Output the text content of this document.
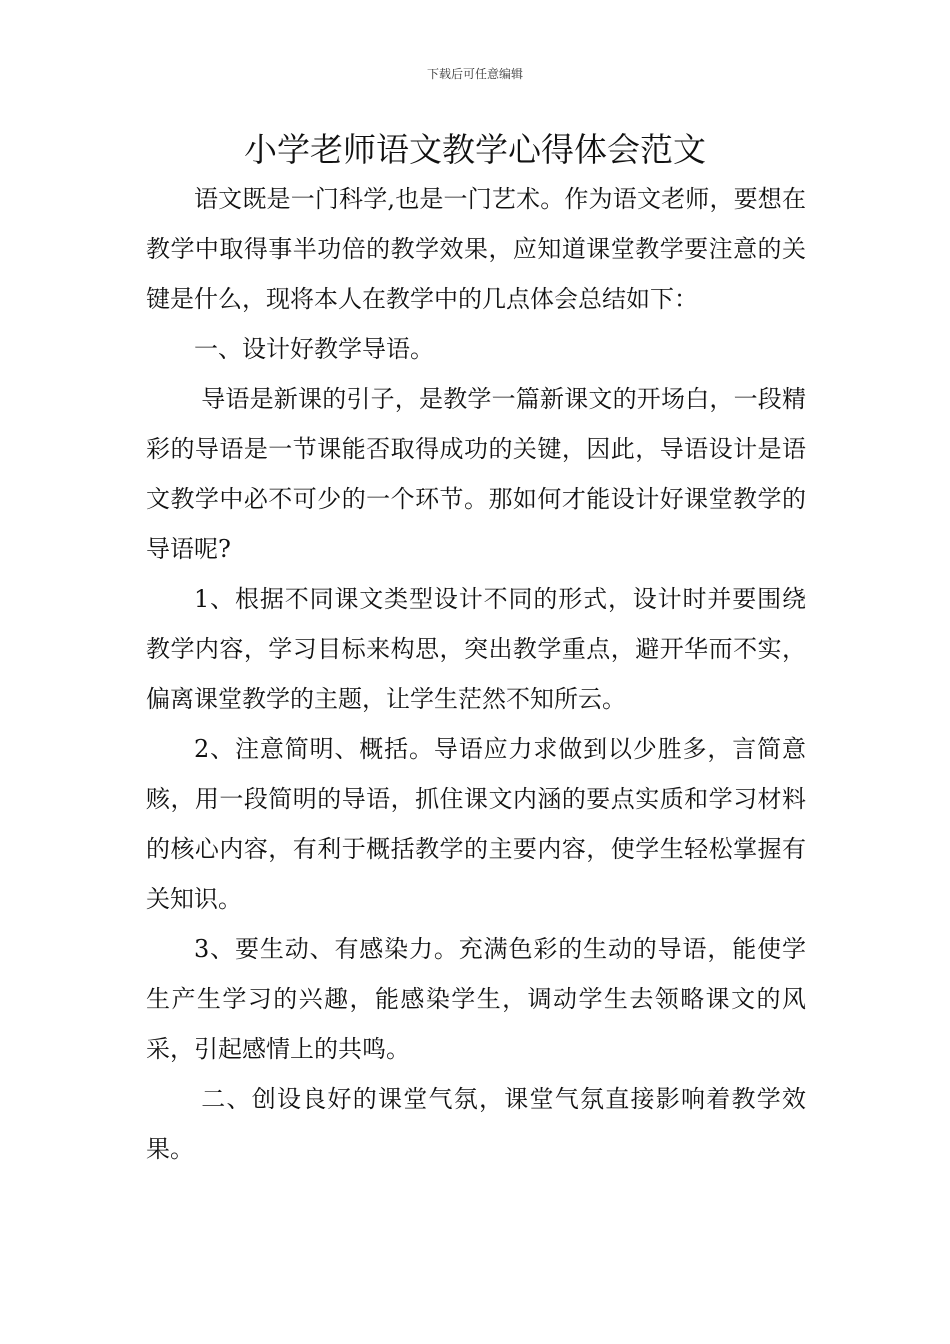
下载后可任意编辑
小学老师语文教学心得体会范文

语文既是一门科学,也是一门艺术。作为语文老师，要想在教学中取得事半功倍的教学效果，应知道课堂教学要注意的关键是什么，现将本人在教学中的几点体会总结如下：

一、设计好教学导语。

导语是新课的引子，是教学一篇新课文的开场白，一段精彩的导语是一节课能否取得成功的关键，因此，导语设计是语文教学中必不可少的一个环节。那如何才能设计好课堂教学的导语呢?

1、根据不同课文类型设计不同的形式，设计时并要围绕教学内容，学习目标来构思，突出教学重点，避开华而不实，偏离课堂教学的主题，让学生茫然不知所云。

2、注意简明、概括。导语应力求做到以少胜多，言简意赅，用一段简明的导语，抓住课文内涵的要点实质和学习材料的核心内容，有利于概括教学的主要内容，使学生轻松掌握有关知识。

3、要生动、有感染力。充满色彩的生动的导语，能使学生产生学习的兴趣，能感染学生，调动学生去领略课文的风采，引起感情上的共鸣。

二、创设良好的课堂气氛，课堂气氛直接影响着教学效果。
